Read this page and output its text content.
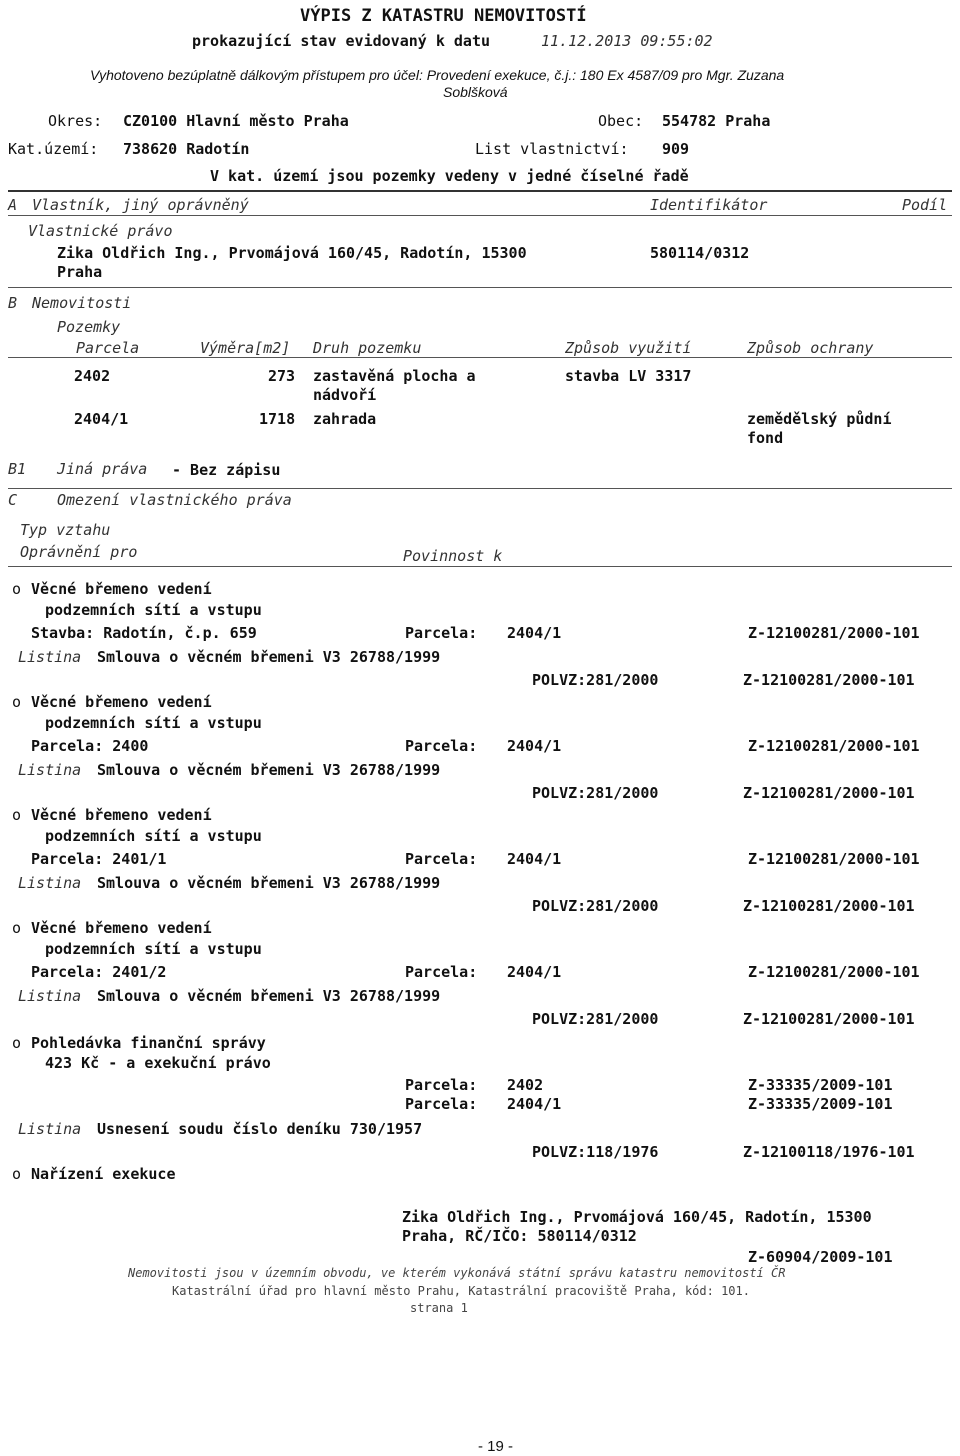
VÝPIS Z KATASTRU NEMOVITOSTÍ
prokazující stav evidovaný k datu	11.12.2013 09:55:02
Vyhotoveno bezúplatně dálkovým přístupem pro účel: Provedení exekuce, č.j.: 180 Ex 4587/09 pro Mgr. Zuzana
Soblšková
Okres: CZ0100 Hlavní město Praha	Obec: 554782 Praha
Kat.území: 738620 Radotín	List vlastnictví: 909
V kat. území jsou pozemky vedeny v jedné číselné řadě
A Vlastník, jiný oprávněný	Identifikátor	Podíl
Vlastnické právo
Zika Oldřich Ing., Prvomájová 160/45, Radotín, 15300
Praha
580114/0312
B Nemovitosti
Pozemky
Parcela	Výměra[m2] Druh pozemku	Způsob využití	Způsob ochrany
2402	273 zastavěná plocha a
nádvoří
stavba LV 3317
2404/1	1718 zahrada	zemědělský půdní
fond
B1 Jiná práva - Bez zápisu
C	Omezení vlastnického práva
Typ vztahu
Oprávnění pro	Povinnost k
o Věcné břemeno vedení
podzemních sítí a vstupu
Stavba: Radotín, č.p. 659	Parcela: 2404/1	Z-12100281/2000-101
Listina Smlouva o věcném břemeni V3 26788/1999
POLVZ:281/2000	Z-12100281/2000-101
o Věcné břemeno vedení
podzemních sítí a vstupu
Parcela: 2400	Parcela: 2404/1	Z-12100281/2000-101
Listina Smlouva o věcném břemeni V3 26788/1999
POLVZ:281/2000	Z-12100281/2000-101
o Věcné břemeno vedení
podzemních sítí a vstupu
Parcela: 2401/1	Parcela: 2404/1	Z-12100281/2000-101
Listina Smlouva o věcném břemeni V3 26788/1999
POLVZ:281/2000	Z-12100281/2000-101
o Věcné břemeno vedení
podzemních sítí a vstupu
Parcela: 2401/2	Parcela: 2404/1	Z-12100281/2000-101
Listina Smlouva o věcném břemeni V3 26788/1999
POLVZ:281/2000	Z-12100281/2000-101
o Pohledávka finanční správy
423 Kč - a exekuční právo
Parcela: 2402	Z-33335/2009-101
Parcela: 2404/1	Z-33335/2009-101
Listina Usnesení soudu číslo deníku 730/1957
POLVZ:118/1976	Z-12100118/1976-101
o Nařízení exekuce
Zika Oldřich Ing., Prvomájová 160/45, Radotín, 15300
Praha, RČ/IČO: 580114/0312
Z-60904/2009-101
Nemovitosti jsou v územním obvodu, ve kterém vykonává státní správu katastru nemovitostí ČR
Katastrální úřad pro hlavní město Prahu, Katastrální pracoviště Praha, kód: 101.
strana 1
- 19 -
